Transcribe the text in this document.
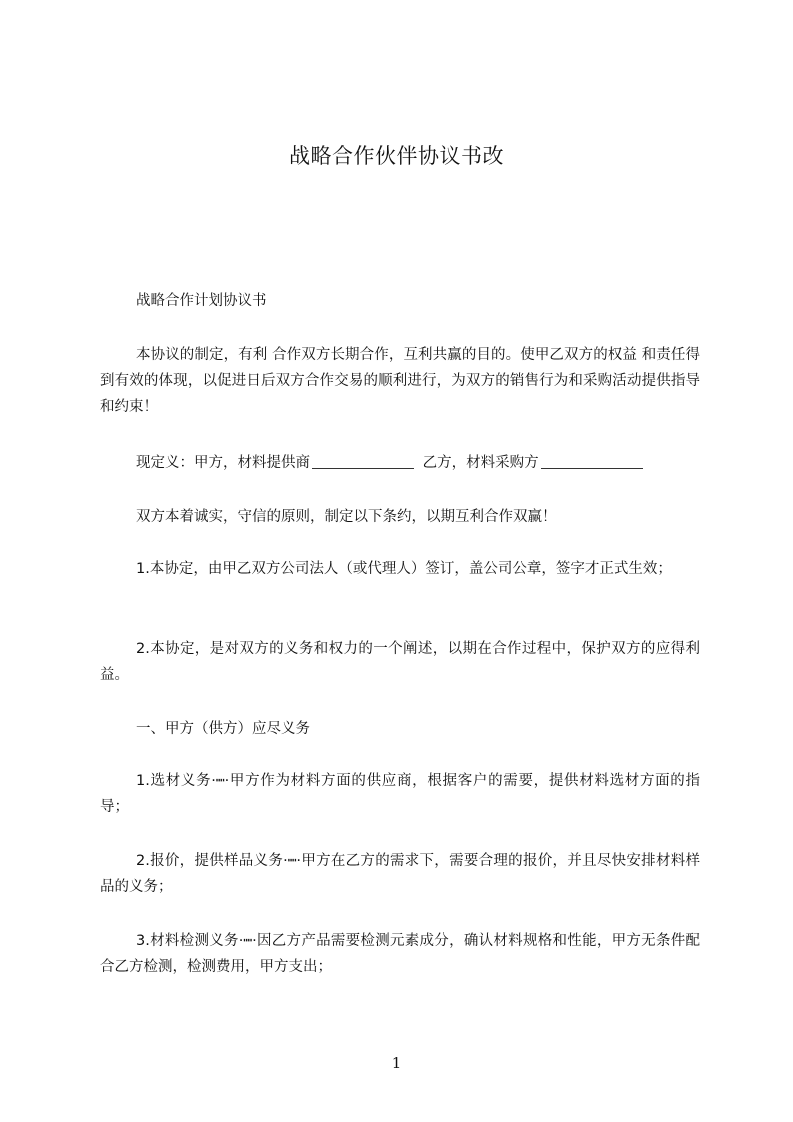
战略合作伙伴协议书改

战略合作计划协议书

本协议的制定，有利 合作双方长期合作，互利共赢的目的。使甲乙双方的权益 和责任得到有效的体现，以促进日后双方合作交易的顺利进行，为双方的销售行为和采购活动提供指导和约束！

现定义：甲方，材料提供商	乙方，材料采购方

双方本着诚实，守信的原则，制定以下条约，以期互利合作双赢！

1.本协定，由甲乙双方公司法人（或代理人）签订，盖公司公章，签字才正式生效；

2.本协定，是对双方的义务和权力的一个阐述，以期在合作过程中，保护双方的应得利益。

一、甲方（供方）应尽义务

1.选材义务·┉·甲方作为材料方面的供应商，根据客户的需要，提供材料选材方面的指导；

2.报价，提供样品义务·┉·甲方在乙方的需求下，需要合理的报价，并且尽快安排材料样品的义务；

3.材料检测义务·┉·因乙方产品需要检测元素成分，确认材料规格和性能，甲方无条件配合乙方检测，检测费用，甲方支出；

1
